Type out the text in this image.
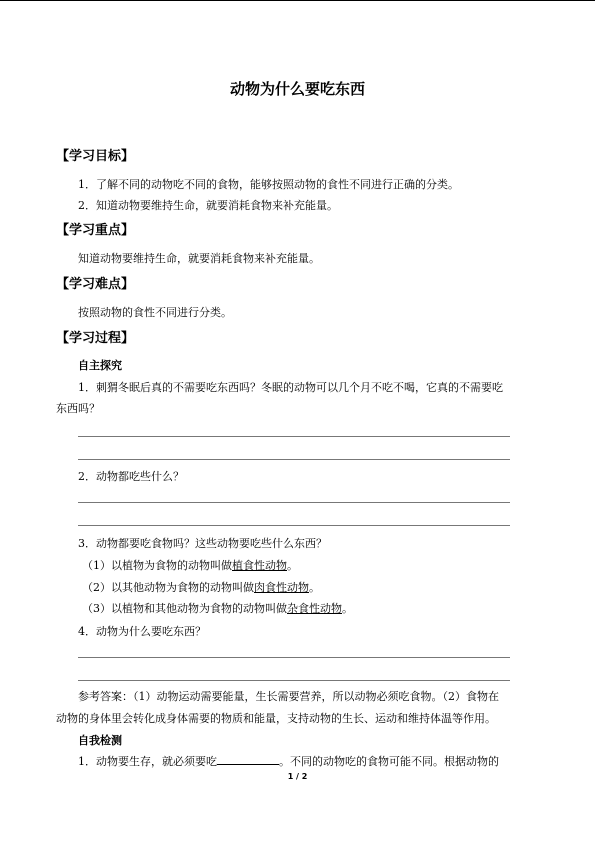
动物为什么要吃东西
【学习目标】
1．了解不同的动物吃不同的食物，能够按照动物的食性不同进行正确的分类。
2．知道动物要维持生命，就要消耗食物来补充能量。
【学习重点】
知道动物要维持生命，就要消耗食物来补充能量。
【学习难点】
按照动物的食性不同进行分类。
【学习过程】
自主探究
1．刺猬冬眠后真的不需要吃东西吗？冬眠的动物可以几个月不吃不喝，它真的不需要吃
东西吗？
2．动物都吃些什么？
3．动物都要吃食物吗？这些动物要吃些什么东西？
（1）以植物为食物的动物叫做植食性动物。
（2）以其他动物为食物的动物叫做肉食性动物。
（3）以植物和其他动物为食物的动物叫做杂食性动物。
4．动物为什么要吃东西？
参考答案：（1）动物运动需要能量，生长需要营养，所以动物必须吃食物。（2）食物在
动物的身体里会转化成身体需要的物质和能量，支持动物的生长、运动和维持体温等作用。
自我检测
1．动物要生存，就必须要吃	。不同的动物吃的食物可能不同。根据动物的
1 / 2
